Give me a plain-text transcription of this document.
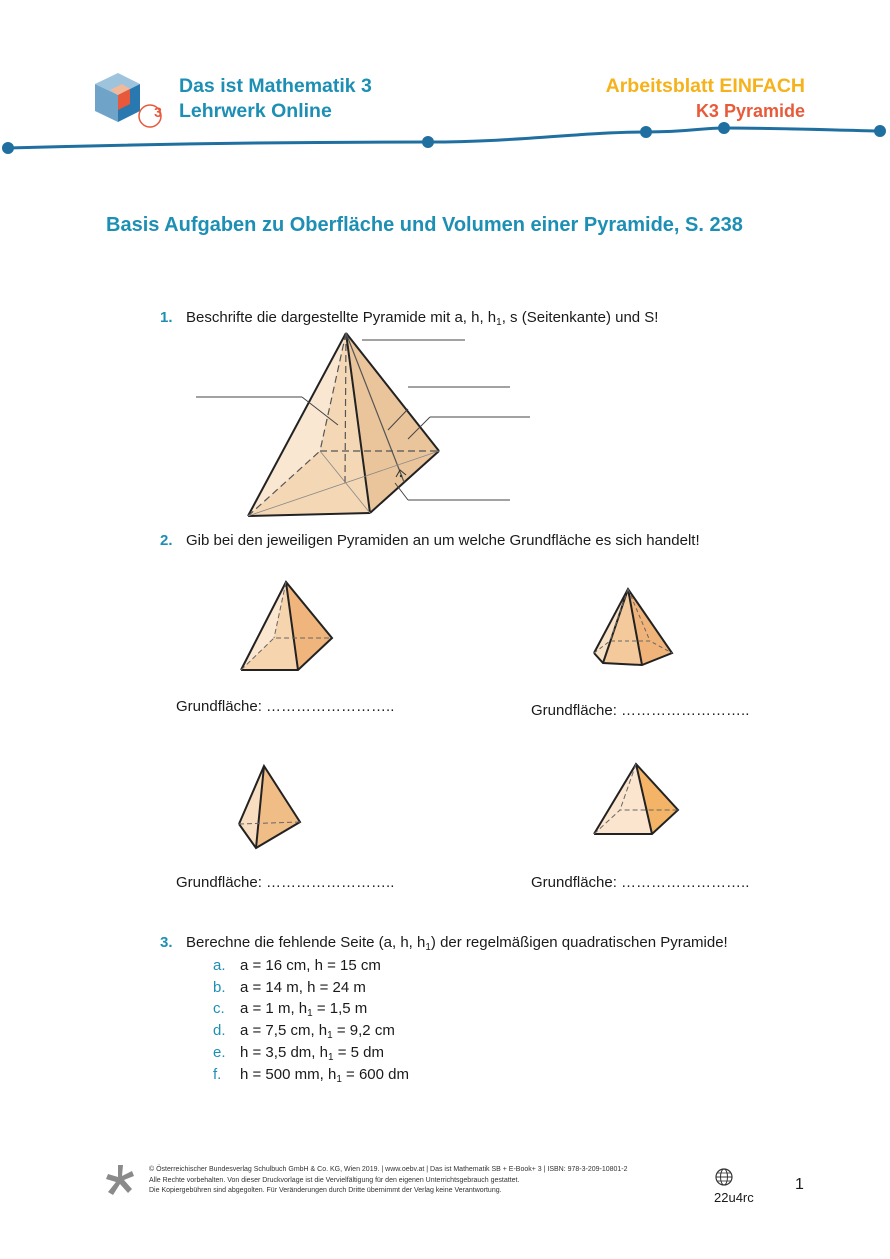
3
Das ist Mathematik 3
Lehrwerk Online
Arbeitsblatt EINFACH
K3 Pyramide
Basis Aufgaben zu Oberfläche und Volumen einer Pyramide, S. 238
1. Beschrifte die dargestellte Pyramide mit a, h, $h_1$, s (Seitenkante) und S!
2. Gib bei den jeweiligen Pyramiden an um welche Grundfläche es sich handelt!
Grundfläche: ……………………..	Grundfläche: ……………………..
Grundfläche: ……………………..	Grundfläche: ……………………..
3. Berechne die fehlende Seite (a, h, $h_1$) der regelmäßigen quadratischen Pyramide!
a. a = 16 cm, h = 15 cm
b. a = 14 m, h = 24 m
c. a = 1 m, $h_1 = 1,5$ m
d. a = 7,5 cm, $h_1 = 9,2$ cm
e. h = 3,5 dm, $h_1 = 5$ dm
f. h = 500 mm, $h_1 = 600$ dm
© Österreichischer Bundesverlag Schulbuch GmbH & Co. KG, Wien 2019. | www.oebv.at | Das ist Mathematik SB + E-Book+ 3 | ISBN: 978-3-209-10801-2
Alle Rechte vorbehalten. Von dieser Druckvorlage ist die Vervielfältigung für den eigenen Unterrichtsgebrauch gestattet.
Die Kopiergebühren sind abgegolten. Für Veränderungen durch Dritte übernimmt der Verlag keine Verantwortung.	22u4rc
1
